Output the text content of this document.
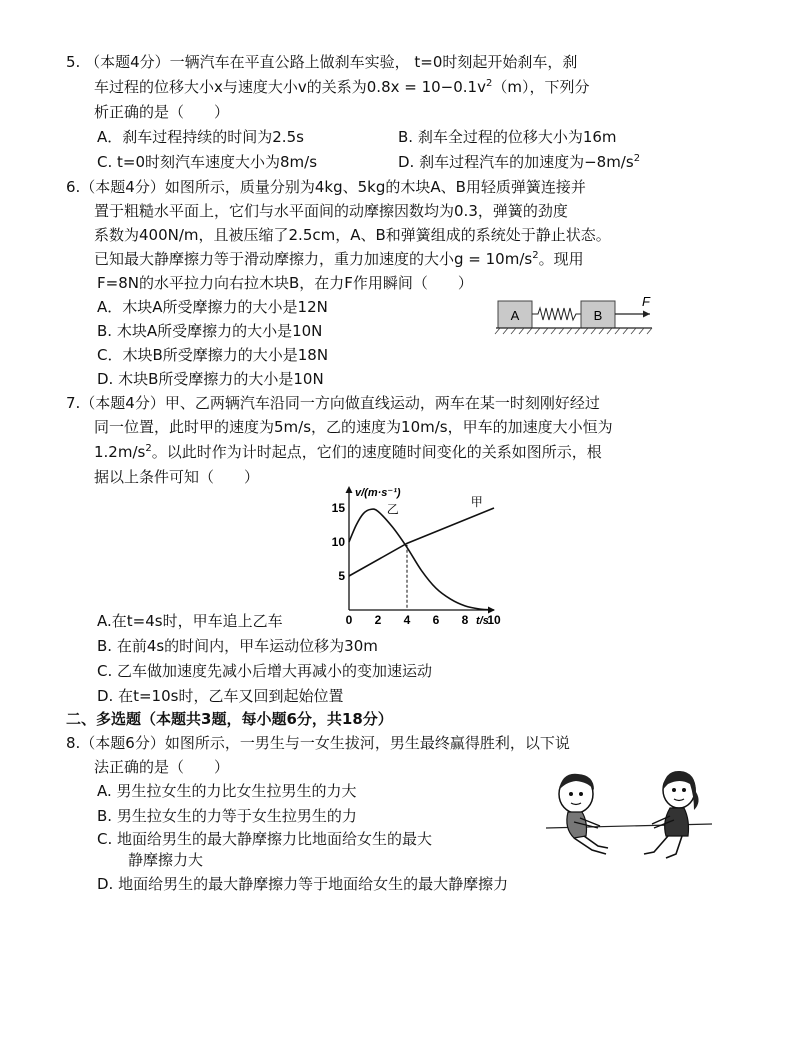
5. （本题4分）一辆汽车在平直公路上做刹车实验， t=0时刻起开始刹车，刹
车过程的位移大小x与速度大小v的关系为$0.8x = 10-0.1v^2(m)$，下列分
析正确的是（　　）
A．刹车过程持续的时间为2.5s	B. 刹车全过程的位移大小为16m
C. t=0时刻汽车速度大小为8m/s	D. 刹车过程汽车的加速度为$-8m/s^2$
6.（本题4分）如图所示，质量分别为4kg、5kg的木块A、B用轻质弹簧连接并
置于粗糙水平面上，它们与水平面间的动摩擦因数均为0.3，弹簧的劲度
系数为400N/m，且被压缩了2.5cm，A、B和弹簧组成的系统处于静止状态。
已知最大静摩擦力等于滑动摩擦力，重力加速度的大小$g = 10m/s^2$。现用
F=8N的水平拉力向右拉木块B，在力F作用瞬间（　　）
A．木块A所受摩擦力的大小是12N
B. 木块A所受摩擦力的大小是10N
C．木块B所受摩擦力的大小是18N
D. 木块B所受摩擦力的大小是10N
A	B
F
7.（本题4分）甲、乙两辆汽车沿同一方向做直线运动，两车在某一时刻刚好经过
同一位置，此时甲的速度为5m/s，乙的速度为10m/s，甲车的加速度大小恒为
$1.2m/s^2$。以此时作为计时起点，它们的速度随时间变化的关系如图所示，根
据以上条件可知（　　）
v/(m·s⁻¹)
t/s
0 2 4 6 8 10
5
10
15	乙
甲
A.在t=4s时，甲车追上乙车
B. 在前4s的时间内，甲车运动位移为30m
C. 乙车做加速度先减小后增大再减小的变加速运动
D. 在t=10s时，乙车又回到起始位置
二、多选题（本题共3题，每小题6分，共18分）
8.（本题6分）如图所示，一男生与一女生拔河，男生最终赢得胜利，以下说
法正确的是（　　）
A. 男生拉女生的力比女生拉男生的力大
B. 男生拉女生的力等于女生拉男生的力
C. 地面给男生的最大静摩擦力比地面给女生的最大
静摩擦力大
D. 地面给男生的最大静摩擦力等于地面给女生的最大静摩擦力
